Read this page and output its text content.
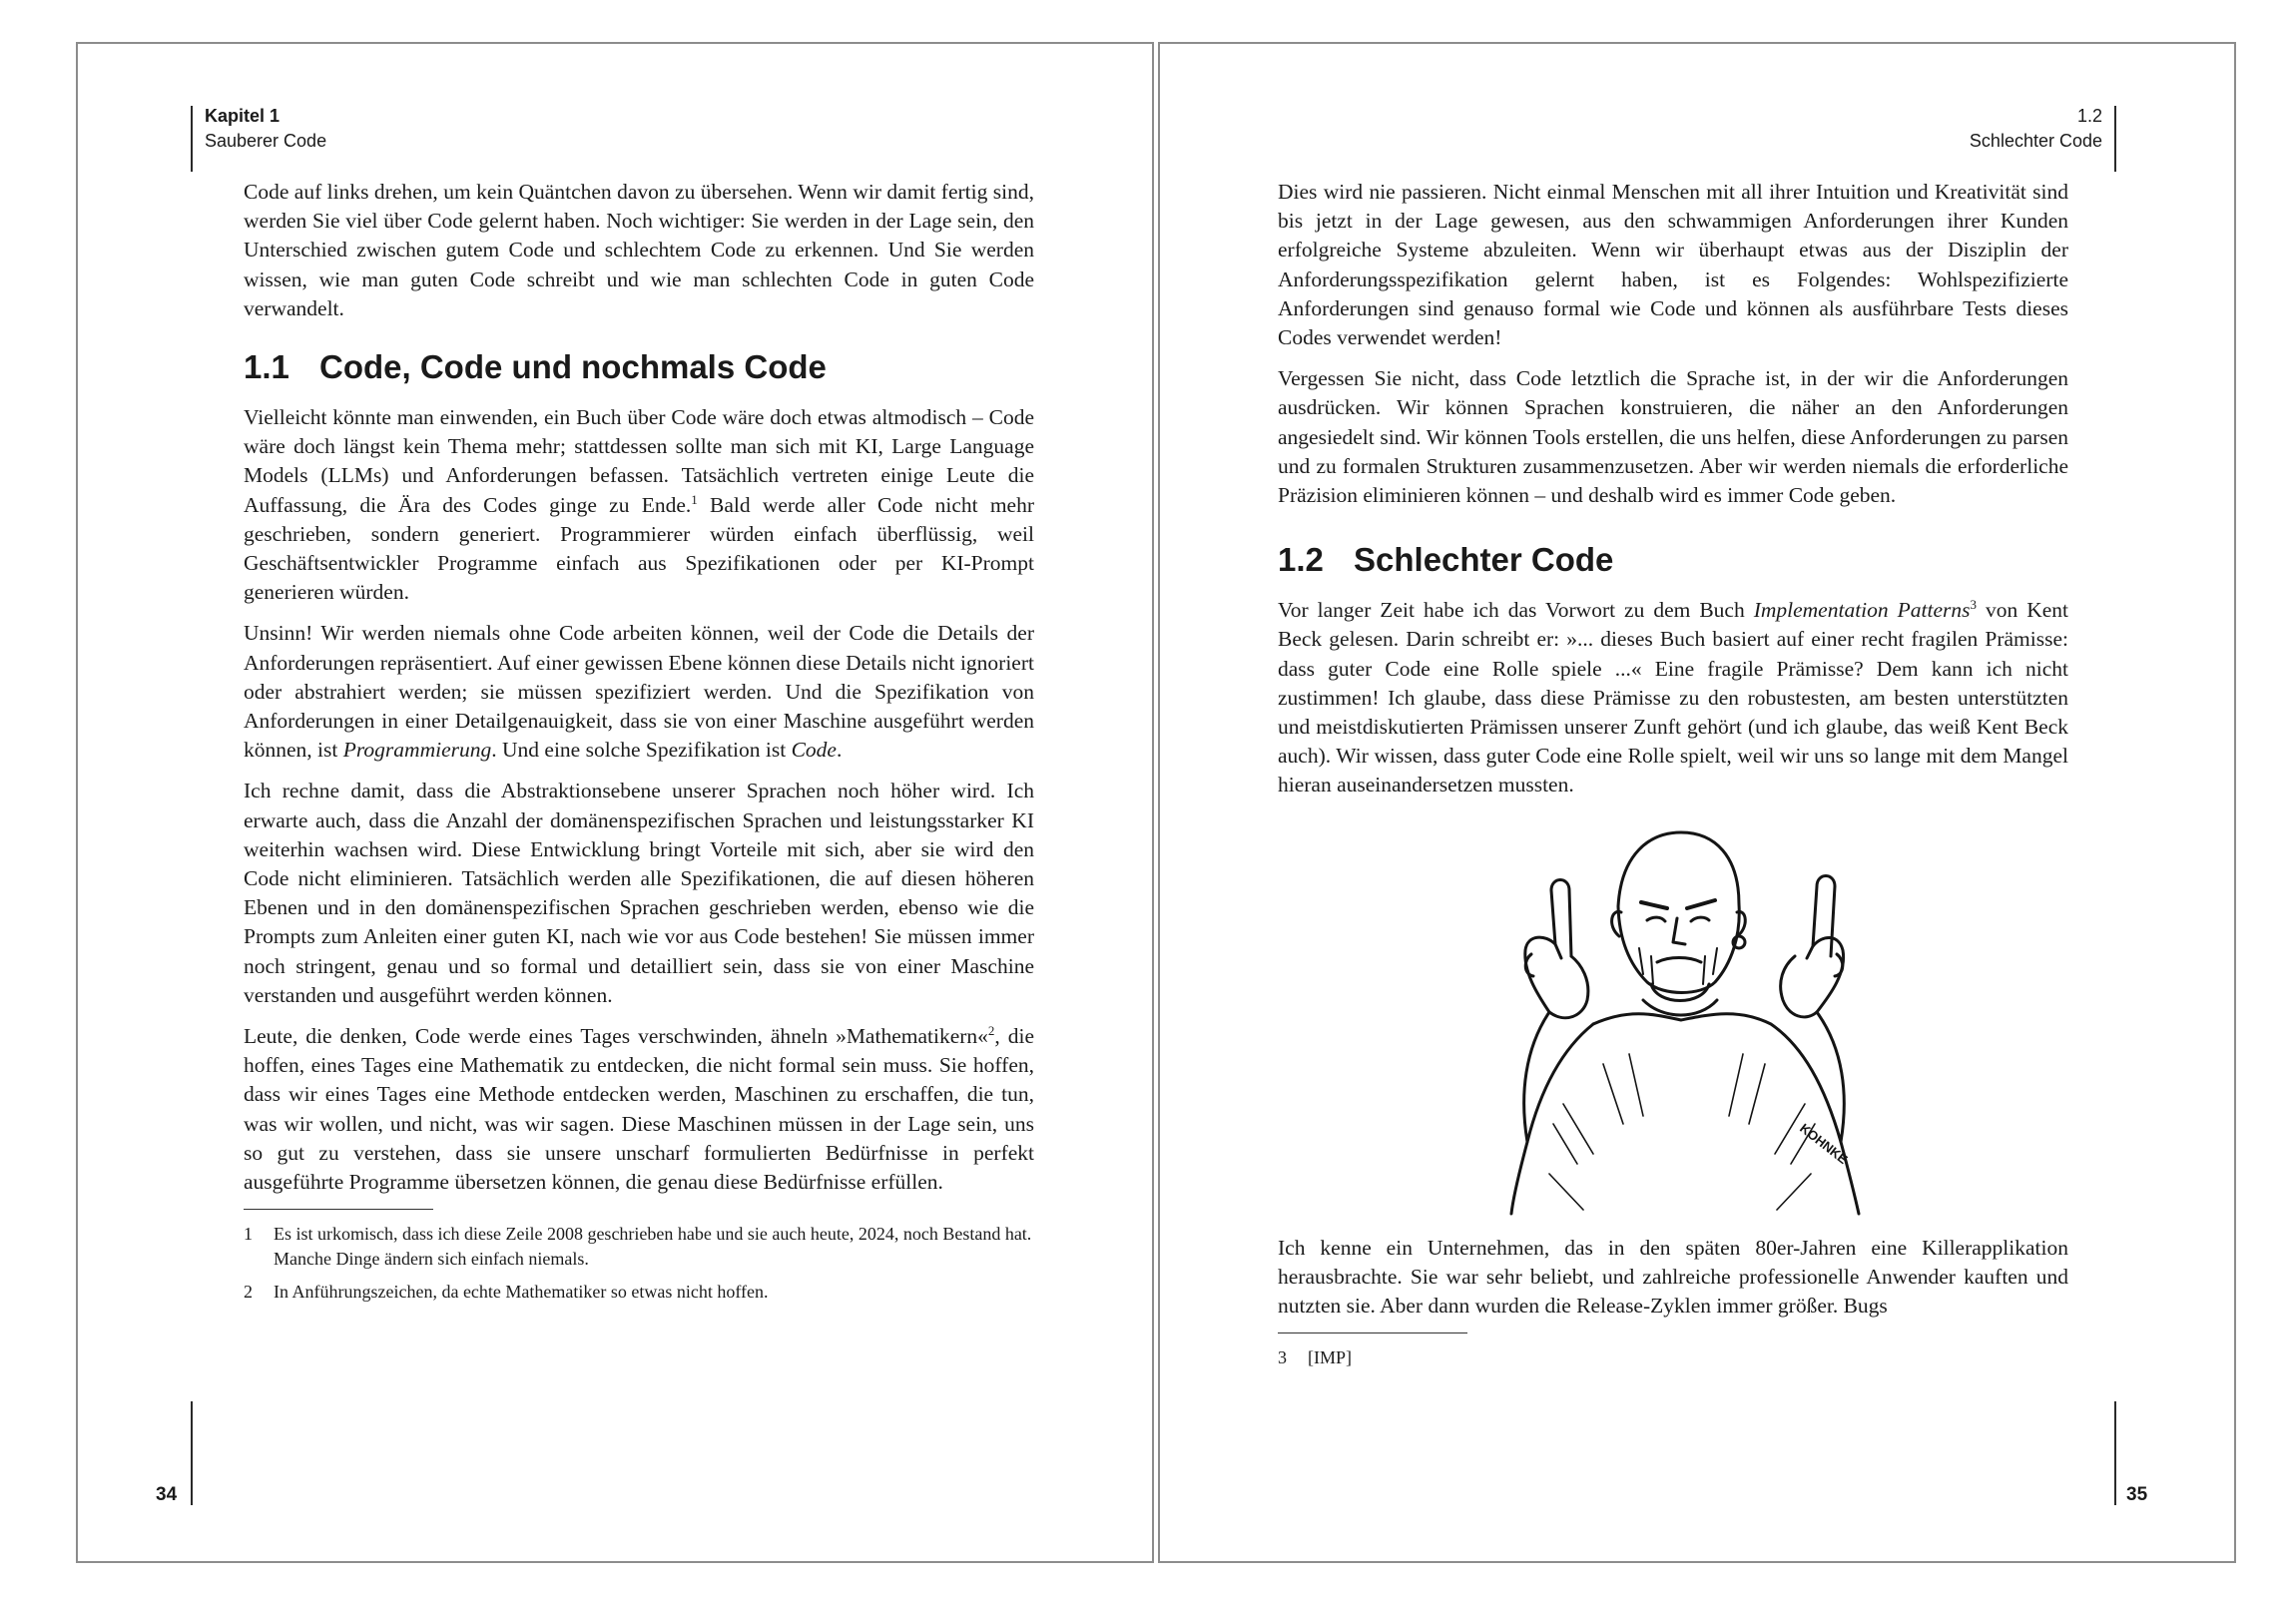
Kapitel 1
Sauberer Code
34

Code auf links drehen, um kein Quäntchen davon zu übersehen. Wenn wir damit fertig sind, werden Sie viel über Code gelernt haben. Noch wichtiger: Sie werden in der Lage sein, den Unterschied zwischen gutem Code und schlechtem Code zu erkennen. Und Sie werden wissen, wie man guten Code schreibt und wie man schlechten Code in guten Code verwandelt.

1.1 Code, Code und nochmals Code

Vielleicht könnte man einwenden, ein Buch über Code wäre doch etwas altmodisch – Code wäre doch längst kein Thema mehr; stattdessen sollte man sich mit KI, Large Language Models (LLMs) und Anforderungen befassen. Tatsächlich vertreten einige Leute die Auffassung, die Ära des Codes ginge zu Ende.$^1$ Bald werde aller Code nicht mehr geschrieben, sondern generiert. Programmierer würden einfach überflüssig, weil Geschäftsentwickler Programme einfach aus Spezifikationen oder per KI-Prompt generieren würden.

Unsinn! Wir werden niemals ohne Code arbeiten können, weil der Code die Details der Anforderungen repräsentiert. Auf einer gewissen Ebene können diese Details nicht ignoriert oder abstrahiert werden; sie müssen spezifiziert werden. Und die Spezifikation von Anforderungen in einer Detailgenauigkeit, dass sie von einer Maschine ausgeführt werden können, ist Programmierung. Und eine solche Spezifikation ist Code.

Ich rechne damit, dass die Abstraktionsebene unserer Sprachen noch höher wird. Ich erwarte auch, dass die Anzahl der domänenspezifischen Sprachen und leistungsstarker KI weiterhin wachsen wird. Diese Entwicklung bringt Vorteile mit sich, aber sie wird den Code nicht eliminieren. Tatsächlich werden alle Spezifikationen, die auf diesen höheren Ebenen und in den domänenspezifischen Sprachen geschrieben werden, ebenso wie die Prompts zum Anleiten einer guten KI, nach wie vor aus Code bestehen! Sie müssen immer noch stringent, genau und so formal und detailliert sein, dass sie von einer Maschine verstanden und ausgeführt werden können.

Leute, die denken, Code werde eines Tages verschwinden, ähneln »Mathematikern«$^2$, die hoffen, eines Tages eine Mathematik zu entdecken, die nicht formal sein muss. Sie hoffen, dass wir eines Tages eine Methode entdecken werden, Maschinen zu erschaffen, die tun, was wir wollen, und nicht, was wir sagen. Diese Maschinen müssen in der Lage sein, uns so gut zu verstehen, dass sie unsere unscharf formulierten Bedürfnisse in perfekt ausgeführte Programme übersetzen können, die genau diese Bedürfnisse erfüllen.

1	Es ist urkomisch, dass ich diese Zeile 2008 geschrieben habe und sie auch heute, 2024, noch Bestand hat. Manche Dinge ändern sich einfach niemals.
2	In Anführungszeichen, da echte Mathematiker so etwas nicht hoffen.
1.2
Schlechter Code
35

Dies wird nie passieren. Nicht einmal Menschen mit all ihrer Intuition und Kreativität sind bis jetzt in der Lage gewesen, aus den schwammigen Anforderungen ihrer Kunden erfolgreiche Systeme abzuleiten. Wenn wir überhaupt etwas aus der Disziplin der Anforderungsspezifikation gelernt haben, ist es Folgendes: Wohlspezifizierte Anforderungen sind genauso formal wie Code und können als ausführbare Tests dieses Codes verwendet werden!

Vergessen Sie nicht, dass Code letztlich die Sprache ist, in der wir die Anforderungen ausdrücken. Wir können Sprachen konstruieren, die näher an den Anforderungen angesiedelt sind. Wir können Tools erstellen, die uns helfen, diese Anforderungen zu parsen und zu formalen Strukturen zusammenzusetzen. Aber wir werden niemals die erforderliche Präzision eliminieren können – und deshalb wird es immer Code geben.

1.2 Schlechter Code

Vor langer Zeit habe ich das Vorwort zu dem Buch Implementation Patterns$^3$ von Kent Beck gelesen. Darin schreibt er: »... dieses Buch basiert auf einer recht fragilen Prämisse: dass guter Code eine Rolle spiele ...« Eine fragile Prämisse? Dem kann ich nicht zustimmen! Ich glaube, dass diese Prämisse zu den robustesten, am besten unterstützten und meistdiskutierten Prämissen unserer Zunft gehört (und ich glaube, das weiß Kent Beck auch). Wir wissen, dass guter Code eine Rolle spielt, weil wir uns so lange mit dem Mangel hieran auseinandersetzen mussten.

KOHNKE

Ich kenne ein Unternehmen, das in den späten 80er-Jahren eine Killerapplikation herausbrachte. Sie war sehr beliebt, und zahlreiche professionelle Anwender kauften und nutzten sie. Aber dann wurden die Release-Zyklen immer größer. Bugs

3	[IMP]
